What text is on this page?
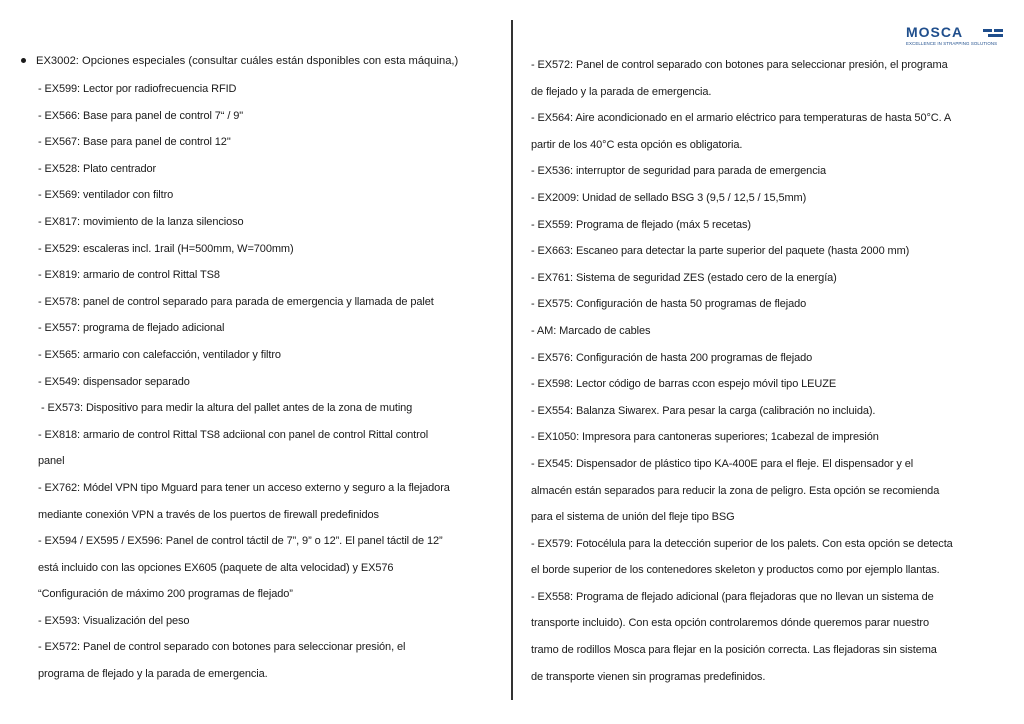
MOSCA
EXCELLENCE IN STRAPPING SOLUTIONS
EX3002: Opciones especiales (consultar cuáles están dsponibles con esta máquina,)
- EX599: Lector por radiofrecuencia RFID
- EX566: Base para panel de control 7“ / 9"
- EX567: Base para panel de control 12"
- EX528: Plato centrador
- EX569: ventilador con filtro
- EX817: movimiento de la lanza silencioso
- EX529: escaleras incl. 1rail (H=500mm, W=700mm)
- EX819: armario de control Rittal TS8
- EX578: panel de control separado para parada de emergencia y llamada de palet
- EX557: programa de flejado adicional
- EX565: armario con calefacción, ventilador y filtro
- EX549: dispensador separado
- EX573: Dispositivo para medir la altura del pallet antes de la zona de muting
- EX818: armario de control Rittal TS8 adciional con panel de control Rittal control
panel
- EX762: Módel VPN tipo Mguard para tener un acceso externo y seguro a la flejadora
mediante conexión VPN a través de los puertos de firewall predefinidos
- EX594 / EX595 / EX596: Panel de control táctil de 7”, 9” o 12”. El panel táctil de 12”
está incluido con las opciones EX605 (paquete de alta velocidad) y EX576
“Configuración de máximo 200 programas de flejado”
- EX593: Visualización del peso
- EX572: Panel de control separado con botones para seleccionar presión, el
programa de flejado y la parada de emergencia.
- EX572: Panel de control separado con botones para seleccionar presión, el programa
de flejado y la parada de emergencia.
- EX564: Aire acondicionado en el armario eléctrico para temperaturas de hasta 50°C. A
partir de los 40°C esta opción es obligatoria.
- EX536: interruptor de seguridad para parada de emergencia
- EX2009: Unidad de sellado BSG 3 (9,5 / 12,5 / 15,5mm)
- EX559: Programa de flejado (máx 5 recetas)
- EX663: Escaneo para detectar la parte superior del paquete (hasta 2000 mm)
- EX761: Sistema de seguridad ZES (estado cero de la energía)
- EX575: Configuración de hasta 50 programas de flejado
- AM: Marcado de cables
- EX576: Configuración de hasta 200 programas de flejado
- EX598: Lector código de barras ccon espejo móvil tipo LEUZE
- EX554: Balanza Siwarex. Para pesar la carga (calibración no incluida).
- EX1050: Impresora para cantoneras superiores; 1cabezal de impresión
- EX545: Dispensador de plástico tipo KA-400E para el fleje. El dispensador y el
almacén están separados para reducir la zona de peligro. Esta opción se recomienda
para el sistema de unión del fleje tipo BSG
- EX579: Fotocélula para la detección superior de los palets. Con esta opción se detecta
el borde superior de los contenedores skeleton y productos como por ejemplo llantas.
- EX558: Programa de flejado adicional (para flejadoras que no llevan un sistema de
transporte incluido). Con esta opción controlaremos dónde queremos parar nuestro
tramo de rodillos Mosca para flejar en la posición correcta. Las flejadoras sin sistema
de transporte vienen sin programas predefinidos.
